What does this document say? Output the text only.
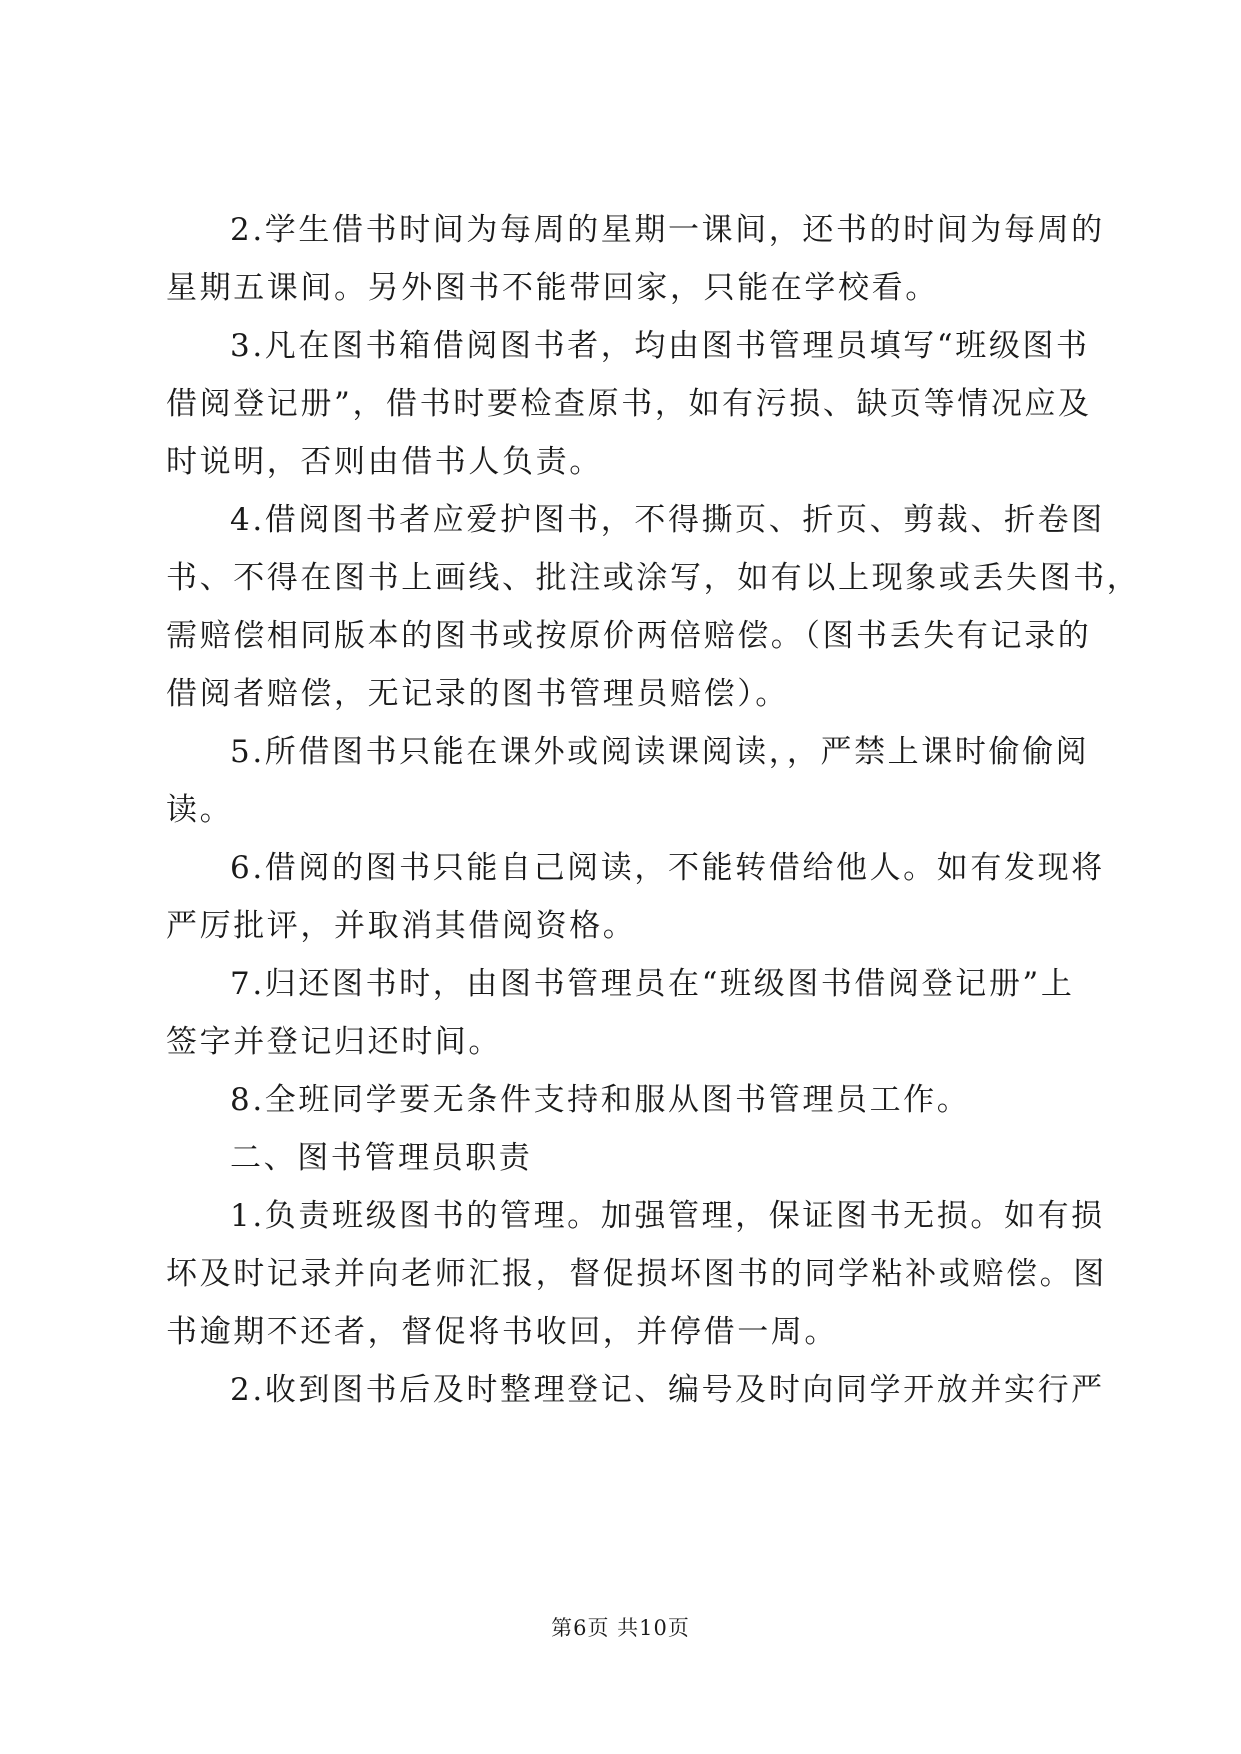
2.学生借书时间为每周的星期一课间，还书的时间为每周的
星期五课间。另外图书不能带回家，只能在学校看。
3.凡在图书箱借阅图书者，均由图书管理员填写“班级图书
借阅登记册”，借书时要检查原书，如有污损、缺页等情况应及
时说明，否则由借书人负责。
4.借阅图书者应爱护图书，不得撕页、折页、剪裁、折卷图
书、不得在图书上画线、批注或涂写，如有以上现象或丢失图书，
需赔偿相同版本的图书或按原价两倍赔偿。（图书丢失有记录的
借阅者赔偿，无记录的图书管理员赔偿）。
5.所借图书只能在课外或阅读课阅读，，严禁上课时偷偷阅
读。
6.借阅的图书只能自己阅读，不能转借给他人。如有发现将
严厉批评，并取消其借阅资格。
7.归还图书时，由图书管理员在“班级图书借阅登记册”上
签字并登记归还时间。
8.全班同学要无条件支持和服从图书管理员工作。
二、图书管理员职责
1.负责班级图书的管理。加强管理，保证图书无损。如有损
坏及时记录并向老师汇报，督促损坏图书的同学粘补或赔偿。图
书逾期不还者，督促将书收回，并停借一周。
2.收到图书后及时整理登记、编号及时向同学开放并实行严
第6页 共10页
